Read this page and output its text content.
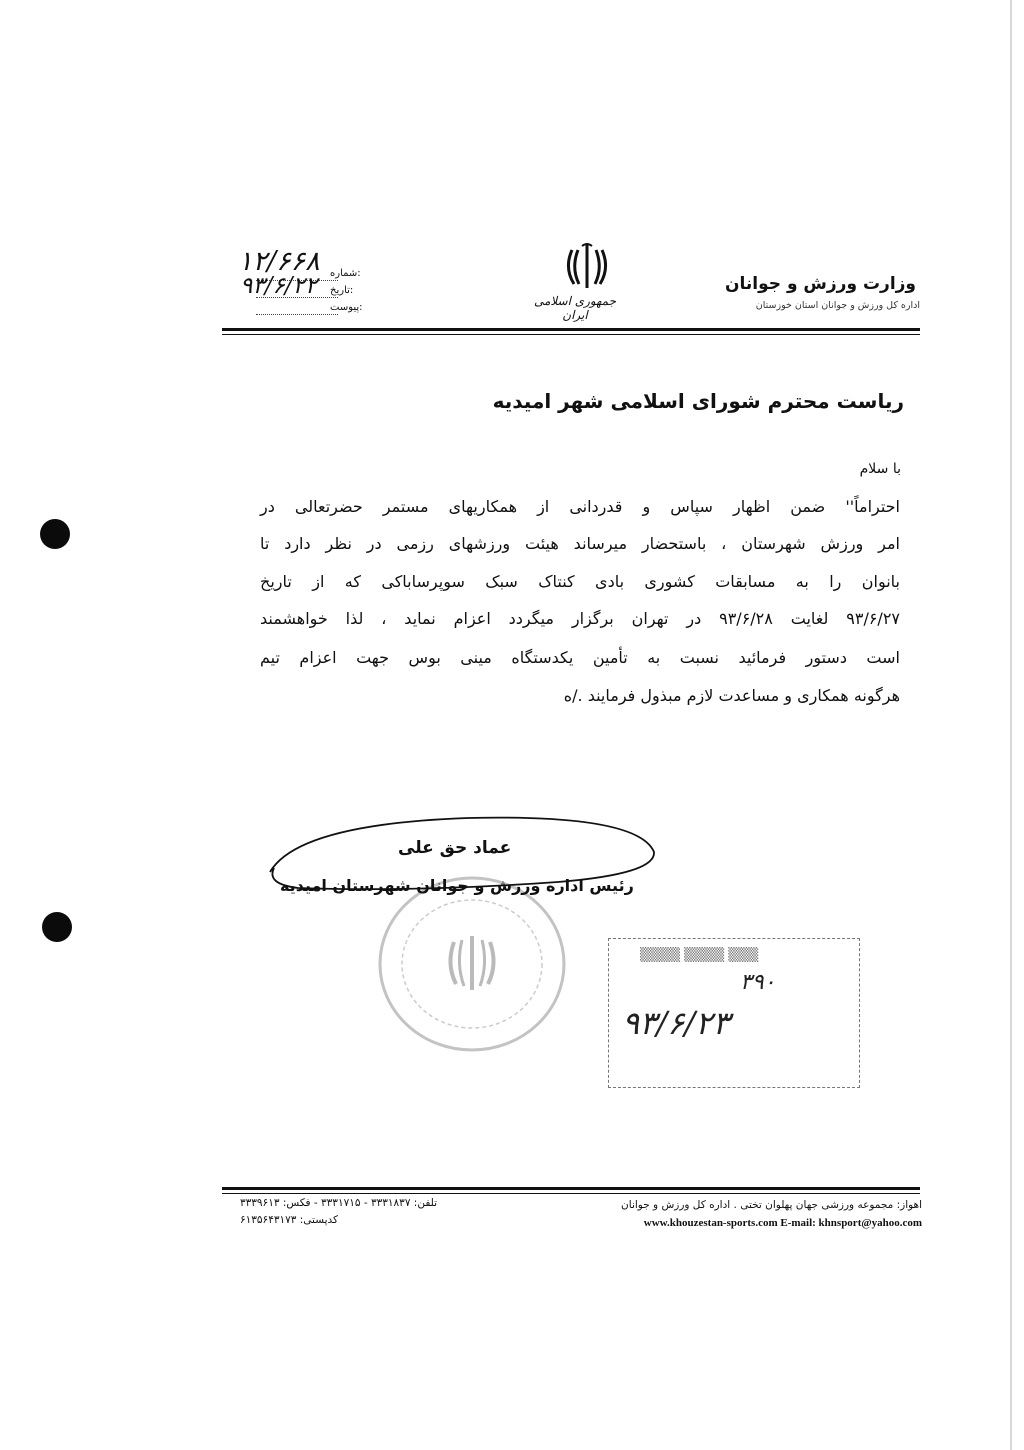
وزارت ورزش و جوانان
اداره کل ورزش و جوانان استان خوزستان
جمهوری اسلامی ایران
شماره:
تاریخ:
پیوست:
۱۲/۶۶۸
۹۳/۶/۲۲
ریاست محترم شورای اسلامی شهر امیدیه
با سلام
احتراماً'' ضمن اظهار سپاس و قدردانی از همکاریهای مستمر حضرتعالی در
امر ورزش شهرستان ، باستحضار میرساند هیئت ورزشهای رزمی در نظر دارد تا
بانوان را به مسابقات کشوری بادی کنتاک سبک سوپرساباکی که از تاریخ
۹۳/۶/۲۷ لغایت ۹۳/۶/۲۸ در تهران برگزار میگردد اعزام نماید ، لذا خواهشمند
است دستور فرمائید نسبت به تأمین یکدستگاه مینی بوس جهت اعزام تیم
هرگونه همکاری و مساعدت لازم مبذول فرمایند ./ه
عماد حق علی
رئیس اداره ورزش و جوانان شهرستان امیدیه
▒▒▒▒ ▒▒▒▒ ▒▒▒
۳۹۰
۹۳/۶/۲۳
اهواز: مجموعه ورزشی جهان پهلوان تختی . اداره کل ورزش و جوانان
www.khouzestan-sports.com E-mail: khnsport@yahoo.com
تلفن: ۳۳۳۱۸۳۷ - ۳۳۳۱۷۱۵ - فکس: ۳۳۳۹۶۱۳
کدپستی: ۶۱۳۵۶۴۳۱۷۳
